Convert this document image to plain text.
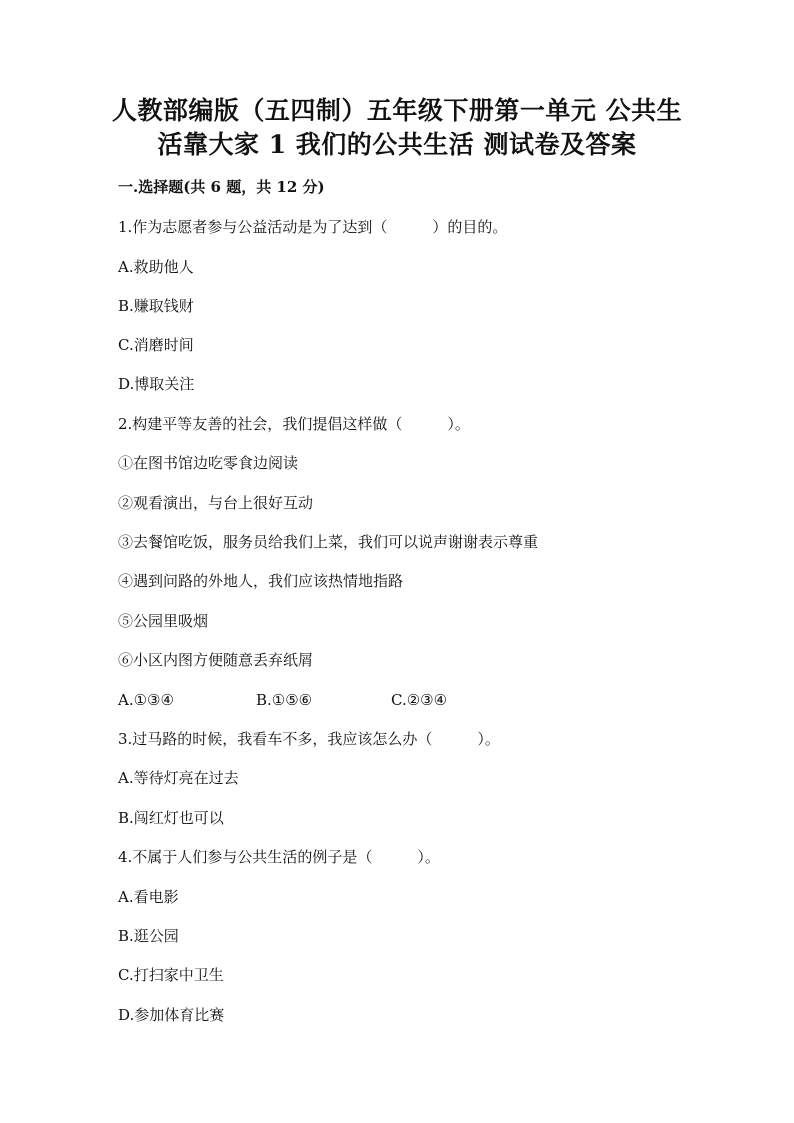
人教部编版（五四制）五年级下册第一单元 公共生
活靠大家 1 我们的公共生活 测试卷及答案
一.选择题(共 6 题，共 12 分)
1.作为志愿者参与公益活动是为了达到（　　　）的目的。
A.救助他人
B.赚取钱财
C.消磨时间
D.博取关注
2.构建平等友善的社会，我们提倡这样做（　　　）。
①在图书馆边吃零食边阅读
②观看演出，与台上很好互动
③去餐馆吃饭，服务员给我们上菜，我们可以说声谢谢表示尊重
④遇到问路的外地人，我们应该热情地指路
⑤公园里吸烟
⑥小区内图方便随意丢弃纸屑
A.①③④	B.①⑤⑥	C.②③④
3.过马路的时候，我看车不多，我应该怎么办（　　　）。
A.等待灯亮在过去
B.闯红灯也可以
4.不属于人们参与公共生活的例子是（　　　）。
A.看电影
B.逛公园
C.打扫家中卫生
D.参加体育比赛
